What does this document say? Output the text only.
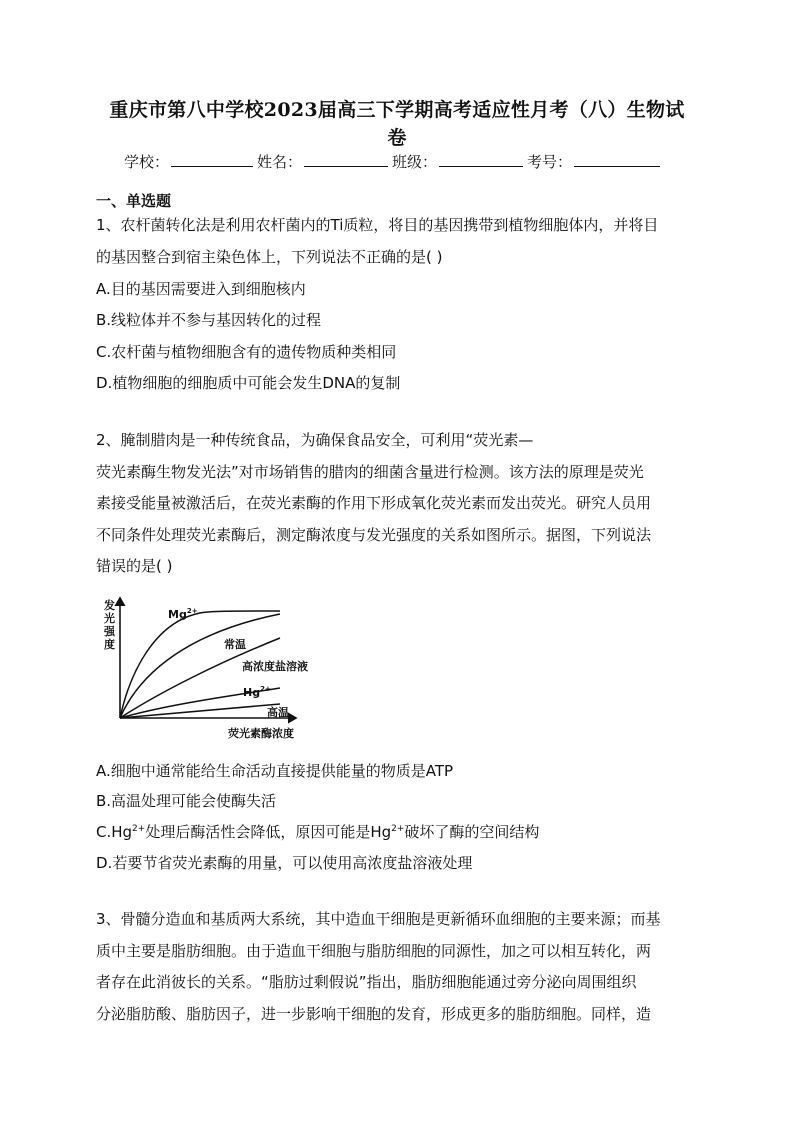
重庆市第八中学校2023届高三下学期高考适应性月考（八）生物试
卷
学校：	姓名：	班级：	考号：
一、单选题

1、农杆菌转化法是利用农杆菌内的Ti质粒，将目的基因携带到植物细胞体内，并将目

的基因整合到宿主染色体上，下列说法不正确的是( )

A.目的基因需要进入到细胞核内
B.线粒体并不参与基因转化的过程
C.农杆菌与植物细胞含有的遗传物质种类相同
D.植物细胞的细胞质中可能会发生DNA的复制

2、腌制腊肉是一种传统食品，为确保食品安全，可利用“荧光素—

荧光素酶生物发光法”对市场销售的腊肉的细菌含量进行检测。该方法的原理是荧光

素接受能量被激活后，在荧光素酶的作用下形成氧化荧光素而发出荧光。研究人员用

不同条件处理荧光素酶后，测定酶浓度与发光强度的关系如图所示。据图，下列说法

错误的是( )

发
光
强
度
荧光素酶浓度
$Mg^{2+}$
常温
高浓度盐溶液
$Hg^{2+}$
高温
A.细胞中通常能给生命活动直接提供能量的物质是ATP
B.高温处理可能会使酶失活
$C.Hg^{2+}$处理后酶活性会降低，原因可能是$Hg^{2+}$破坏了酶的空间结构
D.若要节省荧光素酶的用量，可以使用高浓度盐溶液处理

3、骨髓分造血和基质两大系统，其中造血干细胞是更新循环血细胞的主要来源；而基

质中主要是脂肪细胞。由于造血干细胞与脂肪细胞的同源性，加之可以相互转化，两

者存在此消彼长的关系。“脂肪过剩假说”指出，脂肪细胞能通过旁分泌向周围组织

分泌脂肪酸、脂肪因子，进一步影响干细胞的发育，形成更多的脂肪细胞。同样，造
